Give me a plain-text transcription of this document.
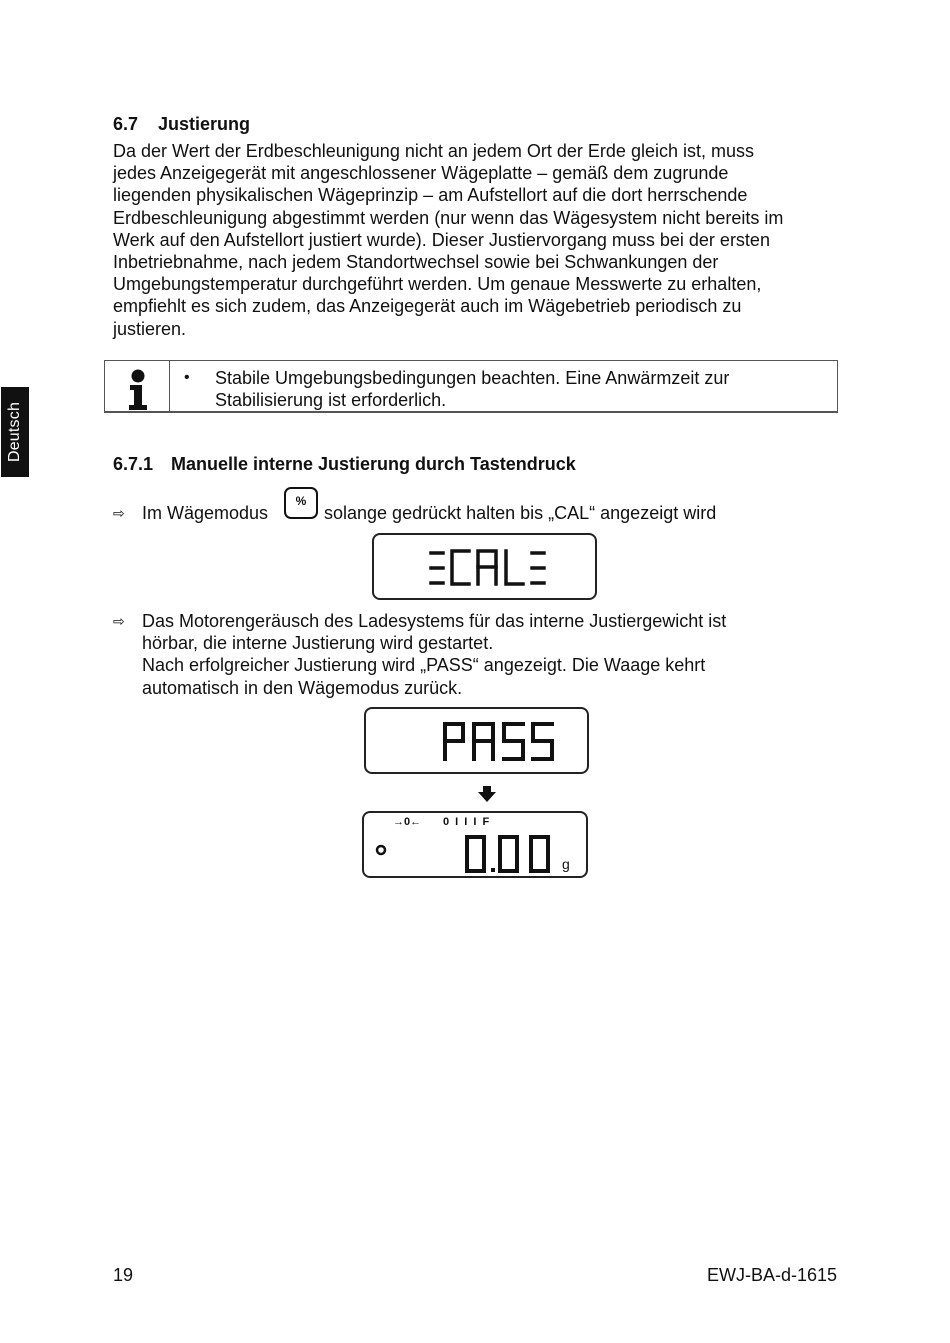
Deutsch
6.7 Justierung
Da der Wert der Erdbeschleunigung nicht an jedem Ort der Erde gleich ist, muss
jedes Anzeigegerät mit angeschlossener Wägeplatte – gemäß dem zugrunde
liegenden physikalischen Wägeprinzip – am Aufstellort auf die dort herrschende
Erdbeschleunigung abgestimmt werden (nur wenn das Wägesystem nicht bereits im
Werk auf den Aufstellort justiert wurde). Dieser Justiervorgang muss bei der ersten
Inbetriebnahme, nach jedem Standortwechsel sowie bei Schwankungen der
Umgebungstemperatur durchgeführt werden. Um genaue Messwerte zu erhalten,
empfiehlt es sich zudem, das Anzeigegerät auch im Wägebetrieb periodisch zu
justieren.
• Stabile Umgebungsbedingungen beachten. Eine Anwärmzeit zur
Stabilisierung ist erforderlich.
6.7.1 Manuelle interne Justierung durch Tastendruck
⇨ Im Wägemodus	solange gedrückt halten bis „CAL“ angezeigt wird
%
⇨ Das Motorengeräusch des Ladesystems für das interne Justiergewicht ist
hörbar, die interne Justierung wird gestartet.
Nach erfolgreicher Justierung wird „PASS“ angezeigt. Die Waage kehrt
automatisch in den Wägemodus zurück.
→0← 0 I I I F
g
19	EWJ-BA-d-1615
